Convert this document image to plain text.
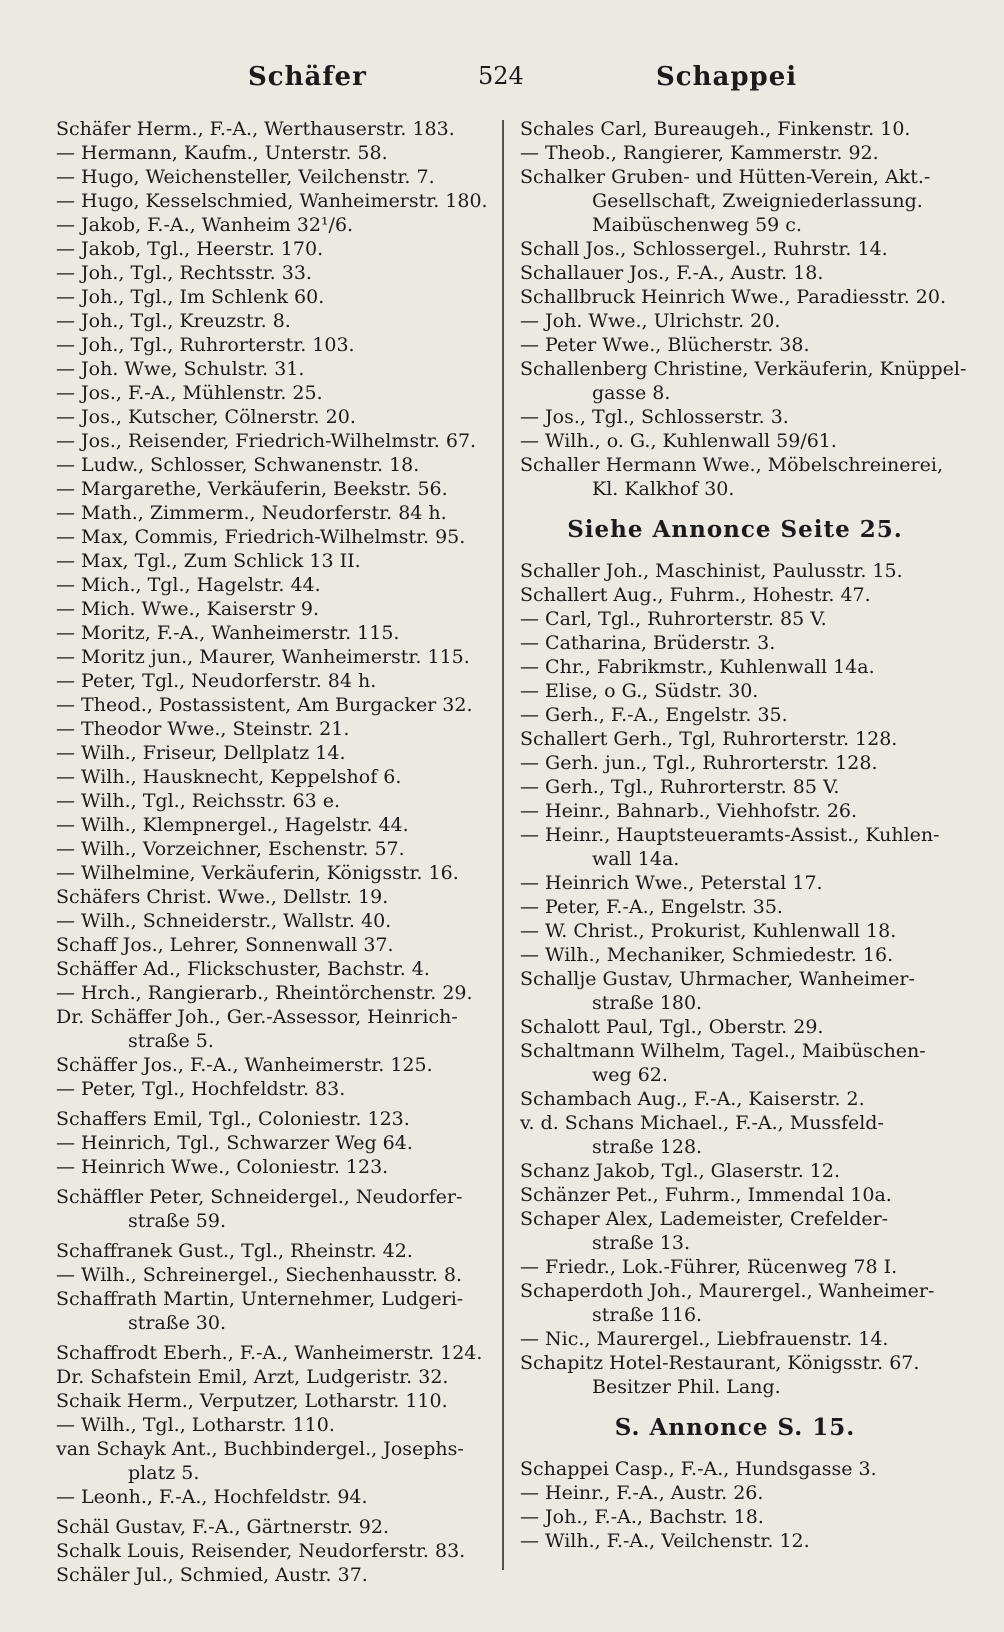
Schäfer	524	Schappei
Schäfer Herm., F.-A., Werthauserstr. 183.
— Hermann, Kaufm., Unterstr. 58.
— Hugo, Weichensteller, Veilchenstr. 7.
— Hugo, Kesselschmied, Wanheimerstr. 180.
— Jakob, F.-A., Wanheim 32¹/6.
— Jakob, Tgl., Heerstr. 170.
— Joh., Tgl., Rechtsstr. 33.
— Joh., Tgl., Im Schlenk 60.
— Joh., Tgl., Kreuzstr. 8.
— Joh., Tgl., Ruhrorterstr. 103.
— Joh. Wwe, Schulstr. 31.
— Jos., F.-A., Mühlenstr. 25.
— Jos., Kutscher, Cölnerstr. 20.
— Jos., Reisender, Friedrich-Wilhelmstr. 67.
— Ludw., Schlosser, Schwanenstr. 18.
— Margarethe, Verkäuferin, Beekstr. 56.
— Math., Zimmerm., Neudorferstr. 84 h.
— Max, Commis, Friedrich-Wilhelmstr. 95.
— Max, Tgl., Zum Schlick 13 II.
— Mich., Tgl., Hagelstr. 44.
— Mich. Wwe., Kaiserstr 9.
— Moritz, F.-A., Wanheimerstr. 115.
— Moritz jun., Maurer, Wanheimerstr. 115.
— Peter, Tgl., Neudorferstr. 84 h.
— Theod., Postassistent, Am Burgacker 32.
— Theodor Wwe., Steinstr. 21.
— Wilh., Friseur, Dellplatz 14.
— Wilh., Hausknecht, Keppelshof 6.
— Wilh., Tgl., Reichsstr. 63 e.
— Wilh., Klempnergel., Hagelstr. 44.
— Wilh., Vorzeichner, Eschenstr. 57.
— Wilhelmine, Verkäuferin, Königsstr. 16.
Schäfers Christ. Wwe., Dellstr. 19.
— Wilh., Schneiderstr., Wallstr. 40.
Schaff Jos., Lehrer, Sonnenwall 37.
Schäffer Ad., Flickschuster, Bachstr. 4.
— Hrch., Rangierarb., Rheintörchenstr. 29.
Dr. Schäffer Joh., Ger.-Assessor, Heinrich-
straße 5.
Schäffer Jos., F.-A., Wanheimerstr. 125.
— Peter, Tgl., Hochfeldstr. 83.
Schaffers Emil, Tgl., Coloniestr. 123.
— Heinrich, Tgl., Schwarzer Weg 64.
— Heinrich Wwe., Coloniestr. 123.
Schäffler Peter, Schneidergel., Neudorfer-
straße 59.
Schaffranek Gust., Tgl., Rheinstr. 42.
— Wilh., Schreinergel., Siechenhausstr. 8.
Schaffrath Martin, Unternehmer, Ludgeri-
straße 30.
Schaffrodt Eberh., F.-A., Wanheimerstr. 124.
Dr. Schafstein Emil, Arzt, Ludgeristr. 32.
Schaik Herm., Verputzer, Lotharstr. 110.
— Wilh., Tgl., Lotharstr. 110.
van Schayk Ant., Buchbindergel., Josephs-
platz 5.
— Leonh., F.-A., Hochfeldstr. 94.
Schäl Gustav, F.-A., Gärtnerstr. 92.
Schalk Louis, Reisender, Neudorferstr. 83.
Schäler Jul., Schmied, Austr. 37.
Schales Carl, Bureaugeh., Finkenstr. 10.
— Theob., Rangierer, Kammerstr. 92.
Schalker Gruben- und Hütten-Verein, Akt.-
Gesellschaft, Zweigniederlassung.
Maibüschenweg 59 c.
Schall Jos., Schlossergel., Ruhrstr. 14.
Schallauer Jos., F.-A., Austr. 18.
Schallbruck Heinrich Wwe., Paradiesstr. 20.
— Joh. Wwe., Ulrichstr. 20.
— Peter Wwe., Blücherstr. 38.
Schallenberg Christine, Verkäuferin, Knüppel-
gasse 8.
— Jos., Tgl., Schlosserstr. 3.
— Wilh., o. G., Kuhlenwall 59/61.
Schaller Hermann Wwe., Möbelschreinerei,
Kl. Kalkhof 30.
Siehe Annonce Seite 25.
Schaller Joh., Maschinist, Paulusstr. 15.
Schallert Aug., Fuhrm., Hohestr. 47.
— Carl, Tgl., Ruhrorterstr. 85 V.
— Catharina, Brüderstr. 3.
— Chr., Fabrikmstr., Kuhlenwall 14a.
— Elise, o G., Südstr. 30.
— Gerh., F.-A., Engelstr. 35.
Schallert Gerh., Tgl, Ruhrorterstr. 128.
— Gerh. jun., Tgl., Ruhrorterstr. 128.
— Gerh., Tgl., Ruhrorterstr. 85 V.
— Heinr., Bahnarb., Viehhofstr. 26.
— Heinr., Hauptsteueramts-Assist., Kuhlen-
wall 14a.
— Heinrich Wwe., Peterstal 17.
— Peter, F.-A., Engelstr. 35.
— W. Christ., Prokurist, Kuhlenwall 18.
— Wilh., Mechaniker, Schmiedestr. 16.
Schallje Gustav, Uhrmacher, Wanheimer-
straße 180.
Schalott Paul, Tgl., Oberstr. 29.
Schaltmann Wilhelm, Tagel., Maibüschen-
weg 62.
Schambach Aug., F.-A., Kaiserstr. 2.
v. d. Schans Michael., F.-A., Mussfeld-
straße 128.
Schanz Jakob, Tgl., Glaserstr. 12.
Schänzer Pet., Fuhrm., Immendal 10a.
Schaper Alex, Lademeister, Crefelder-
straße 13.
— Friedr., Lok.-Führer, Rücenweg 78 I.
Schaperdoth Joh., Maurergel., Wanheimer-
straße 116.
— Nic., Maurergel., Liebfrauenstr. 14.
Schapitz Hotel-Restaurant, Königsstr. 67.
Besitzer Phil. Lang.
S. Annonce S. 15.
Schappei Casp., F.-A., Hundsgasse 3.
— Heinr., F.-A., Austr. 26.
— Joh., F.-A., Bachstr. 18.
— Wilh., F.-A., Veilchenstr. 12.
